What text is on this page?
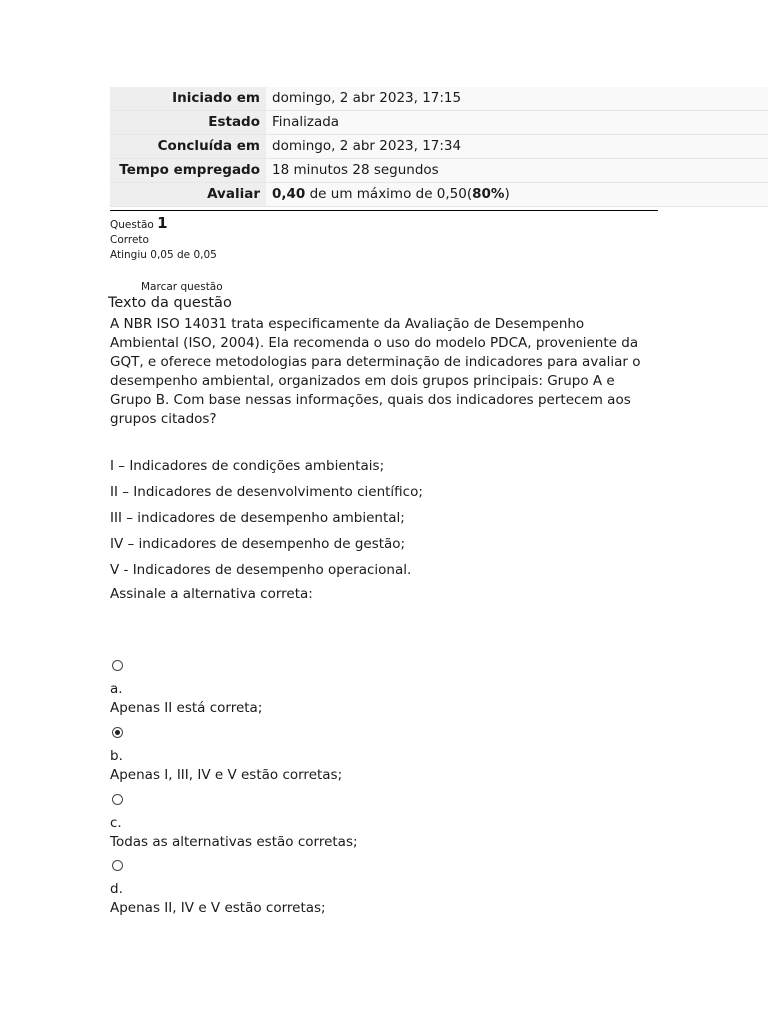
Iniciado em	domingo, 2 abr 2023, 17:15
Estado	Finalizada
Concluída em	domingo, 2 abr 2023, 17:34
Tempo empregado	18 minutos 28 segundos
Avaliar	0,40 de um máximo de 0,50(80%)
Questão 1
Correto
Atingiu 0,05 de 0,05
Marcar questão
Texto da questão
A NBR ISO 14031 trata especificamente da Avaliação de Desempenho Ambiental (ISO, 2004). Ela recomenda o uso do modelo PDCA, proveniente da GQT, e oferece metodologias para determinação de indicadores para avaliar o desempenho ambiental, organizados em dois grupos principais: Grupo A e Grupo B. Com base nessas informações, quais dos indicadores pertecem aos grupos citados?
I – Indicadores de condições ambientais;
II – Indicadores de desenvolvimento científico;
III – indicadores de desempenho ambiental;
IV – indicadores de desempenho de gestão;
V - Indicadores de desempenho operacional.
Assinale a alternativa correta:
a.
Apenas II está correta;
b.
Apenas I, III, IV e V estão corretas;
c.
Todas as alternativas estão corretas;
d.
Apenas II, IV e V estão corretas;
